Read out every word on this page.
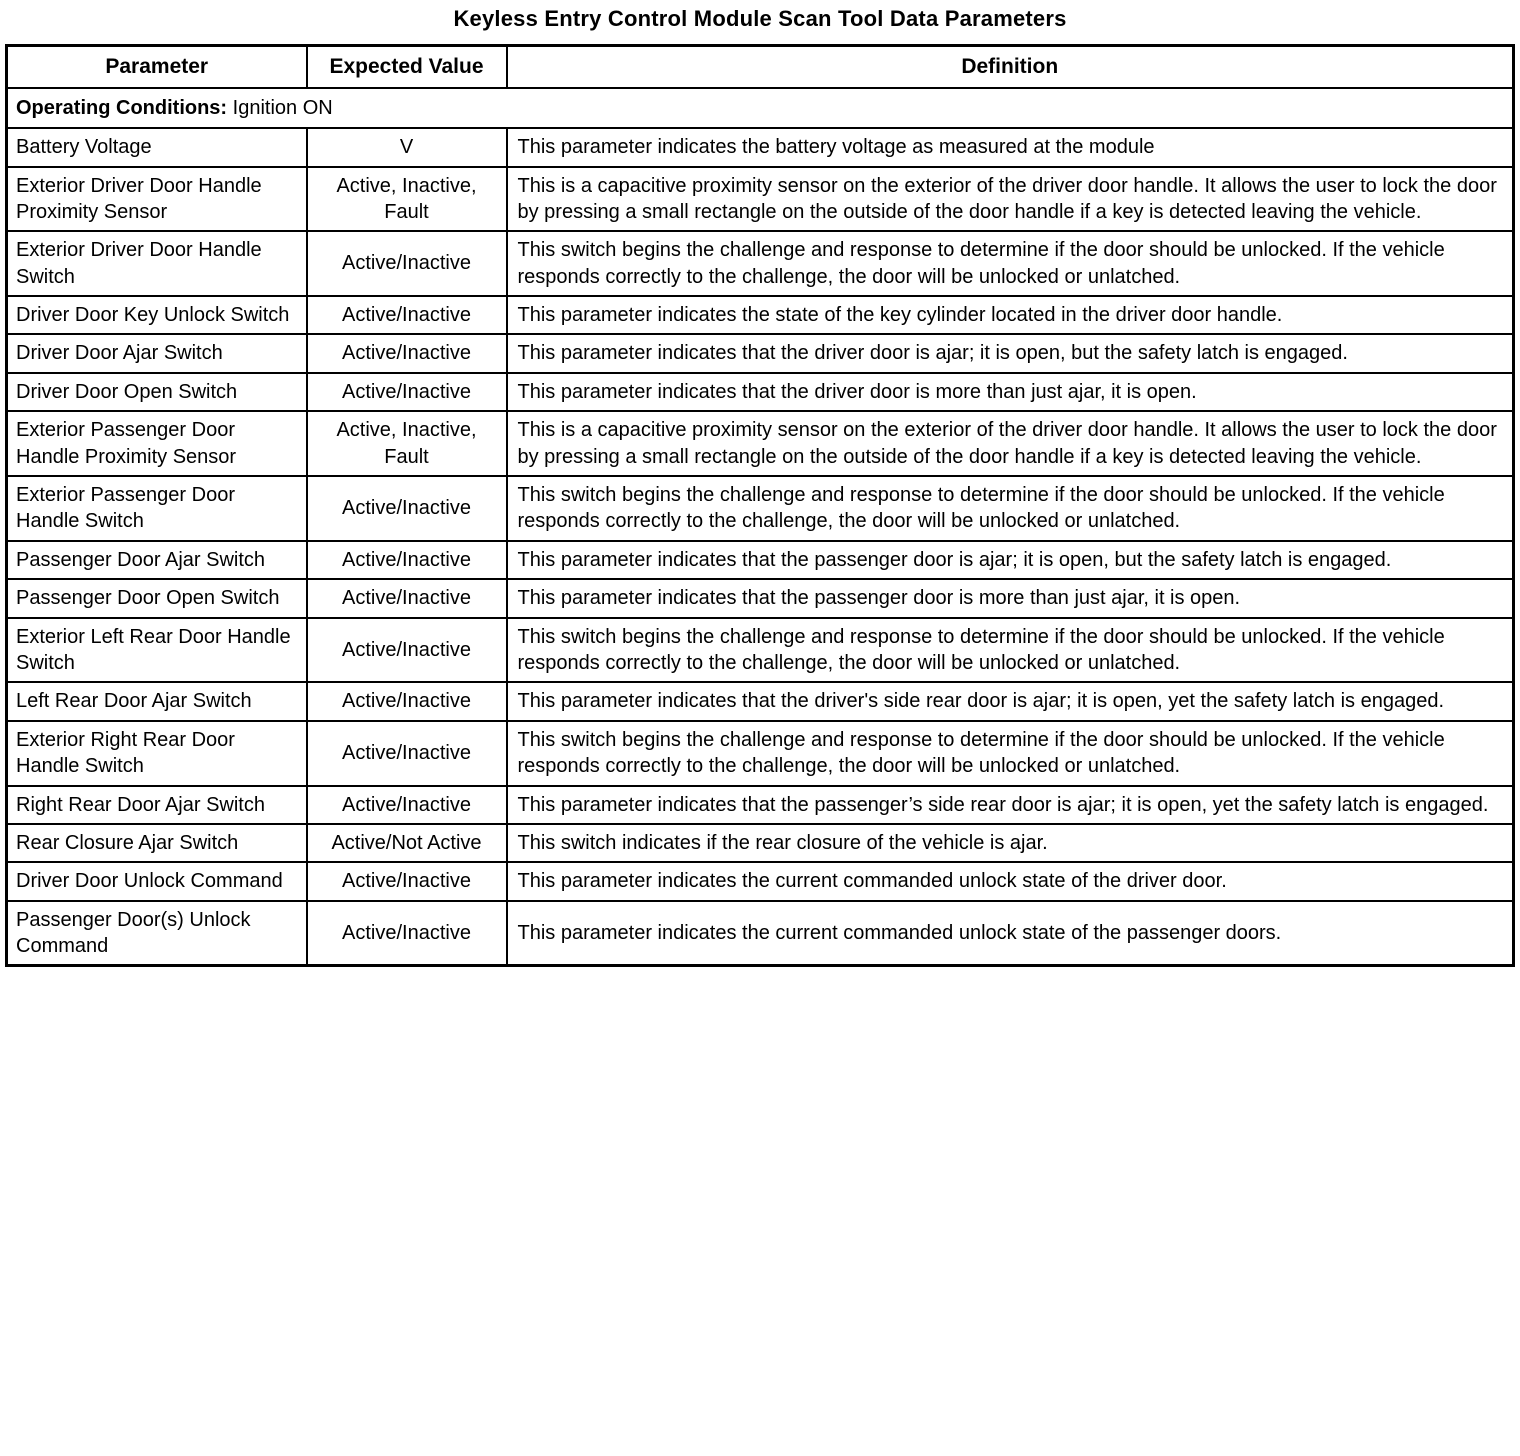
Keyless Entry Control Module Scan Tool Data Parameters
Parameter	Expected Value	Definition
Operating Conditions: Ignition ON		
Battery Voltage	V	This parameter indicates the battery voltage as measured at the module
Exterior Driver Door Handle Proximity Sensor	Active, Inactive, Fault	This is a capacitive proximity sensor on the exterior of the driver door handle. It allows the user to lock the door by pressing a small rectangle on the outside of the door handle if a key is detected leaving the vehicle.
Exterior Driver Door Handle Switch	Active/Inactive	This switch begins the challenge and response to determine if the door should be unlocked. If the vehicle responds correctly to the challenge, the door will be unlocked or unlatched.
Driver Door Key Unlock Switch	Active/Inactive	This parameter indicates the state of the key cylinder located in the driver door handle.
Driver Door Ajar Switch	Active/Inactive	This parameter indicates that the driver door is ajar; it is open, but the safety latch is engaged.
Driver Door Open Switch	Active/Inactive	This parameter indicates that the driver door is more than just ajar, it is open.
Exterior Passenger Door Handle Proximity Sensor	Active, Inactive, Fault	This is a capacitive proximity sensor on the exterior of the driver door handle. It allows the user to lock the door by pressing a small rectangle on the outside of the door handle if a key is detected leaving the vehicle.
Exterior Passenger Door Handle Switch	Active/Inactive	This switch begins the challenge and response to determine if the door should be unlocked. If the vehicle responds correctly to the challenge, the door will be unlocked or unlatched.
Passenger Door Ajar Switch	Active/Inactive	This parameter indicates that the passenger door is ajar; it is open, but the safety latch is engaged.
Passenger Door Open Switch	Active/Inactive	This parameter indicates that the passenger door is more than just ajar, it is open.
Exterior Left Rear Door Handle Switch	Active/Inactive	This switch begins the challenge and response to determine if the door should be unlocked. If the vehicle responds correctly to the challenge, the door will be unlocked or unlatched.
Left Rear Door Ajar Switch	Active/Inactive	This parameter indicates that the driver's side rear door is ajar; it is open, yet the safety latch is engaged.
Exterior Right Rear Door Handle Switch	Active/Inactive	This switch begins the challenge and response to determine if the door should be unlocked. If the vehicle responds correctly to the challenge, the door will be unlocked or unlatched.
Right Rear Door Ajar Switch	Active/Inactive	This parameter indicates that the passenger’s side rear door is ajar; it is open, yet the safety latch is engaged.
Rear Closure Ajar Switch	Active/Not Active	This switch indicates if the rear closure of the vehicle is ajar.
Driver Door Unlock Command	Active/Inactive	This parameter indicates the current commanded unlock state of the driver door.
Passenger Door(s) Unlock Command	Active/Inactive	This parameter indicates the current commanded unlock state of the passenger doors.
